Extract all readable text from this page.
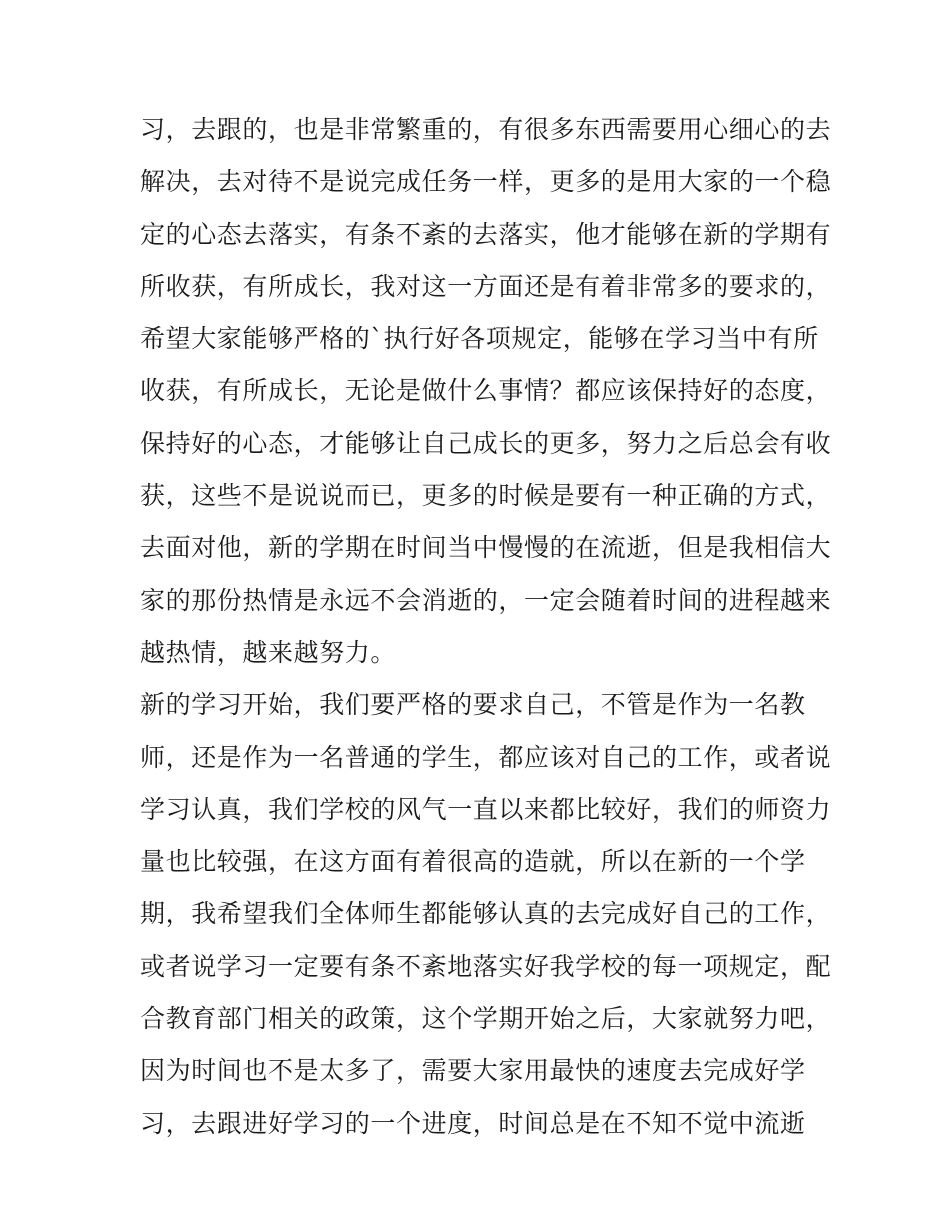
习，去跟的，也是非常繁重的，有很多东西需要用心细心的去
解决，去对待不是说完成任务一样，更多的是用大家的一个稳
定的心态去落实，有条不紊的去落实，他才能够在新的学期有
所收获，有所成长，我对这一方面还是有着非常多的要求的，
希望大家能够严格的`执行好各项规定，能够在学习当中有所
收获，有所成长，无论是做什么事情？都应该保持好的态度，
保持好的心态，才能够让自己成长的更多，努力之后总会有收
获，这些不是说说而已，更多的时候是要有一种正确的方式，
去面对他，新的学期在时间当中慢慢的在流逝，但是我相信大
家的那份热情是永远不会消逝的，一定会随着时间的进程越来
越热情，越来越努力。
新的学习开始，我们要严格的要求自己，不管是作为一名教
师，还是作为一名普通的学生，都应该对自己的工作，或者说
学习认真，我们学校的风气一直以来都比较好，我们的师资力
量也比较强，在这方面有着很高的造就，所以在新的一个学
期，我希望我们全体师生都能够认真的去完成好自己的工作，
或者说学习一定要有条不紊地落实好我学校的每一项规定，配
合教育部门相关的政策，这个学期开始之后，大家就努力吧，
因为时间也不是太多了，需要大家用最快的速度去完成好学
习，去跟进好学习的一个进度，时间总是在不知不觉中流逝
